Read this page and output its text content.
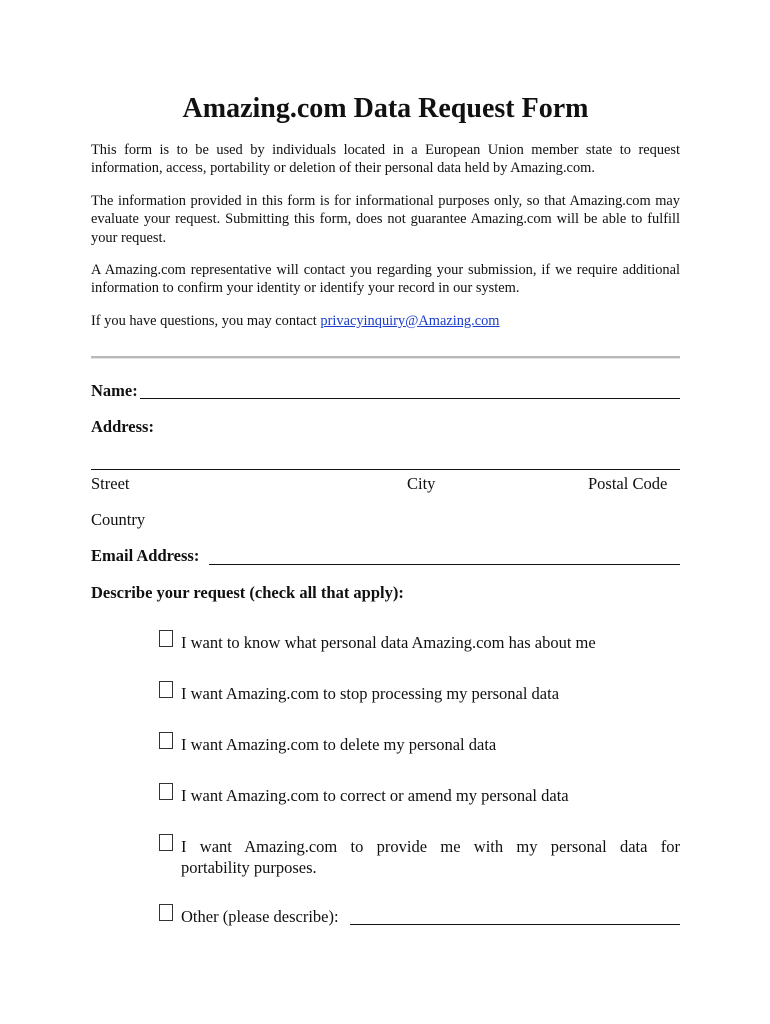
Amazing.com Data Request Form

This form is to be used by individuals located in a European Union member state to request information, access, portability or deletion of their personal data held by Amazing.com.

The information provided in this form is for informational purposes only, so that Amazing.com may evaluate your request. Submitting this form, does not guarantee Amazing.com will be able to fulfill your request.

A Amazing.com representative will contact you regarding your submission, if we require additional information to confirm your identity or identify your record in our system.

If you have questions, you may contact privacyinquiry@Amazing.com

Name:
Address:
Street	City	Postal Code
Country
Email Address:
Describe your request (check all that apply):
I want to know what personal data Amazing.com has about me
I want Amazing.com to stop processing my personal data
I want Amazing.com to delete my personal data
I want Amazing.com to correct or amend my personal data
I want Amazing.com to provide me with my personal data for
portability purposes.
Other (please describe):
